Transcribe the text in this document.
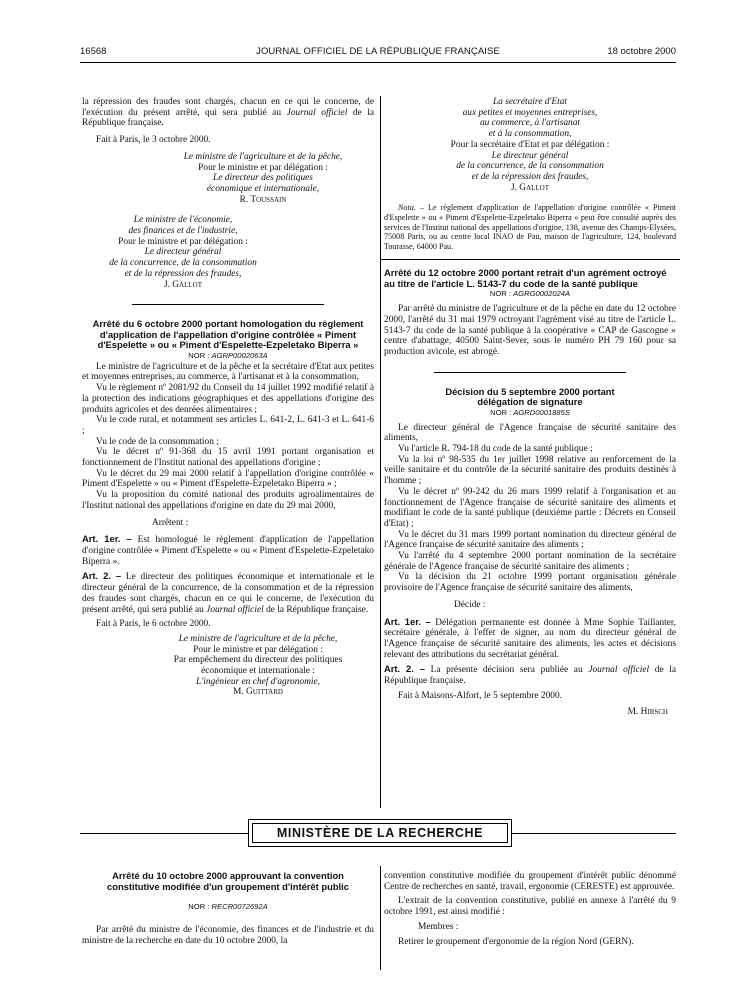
16568	JOURNAL OFFICIEL DE LA RÉPUBLIQUE FRANÇAISE	18 octobre 2000

la répression des fraudes sont chargés, chacun en ce qui le concerne, de l'exécution du présent arrêté, qui sera publié au Journal officiel de la République française.

Fait à Paris, le 3 octobre 2000.

Le ministre de l'agriculture et de la pêche,

Pour le ministre et par délégation :

Le directeur des politiques

économique et internationale,

R. Toussain

Le ministre de l'économie,

des finances et de l'industrie,

Pour le ministre et par délégation :

Le directeur général

de la concurrence, de la consommation

et de la répression des fraudes,

J. Gallot

Arrêté du 6 octobre 2000 portant homologation du règlement d'application de l'appellation d'origine contrôlée « Piment d'Espelette » ou « Piment d'Espelette-Ezpeletako Biperra »

NOR : AGRP0002063A

Le ministre de l'agriculture et de la pêche et la secrétaire d'Etat aux petites et moyennes entreprises, au commerce, à l'artisanat et à la consommation,

Vu le règlement nº 2081/92 du Conseil du 14 juillet 1992 modifié relatif à la protection des indications géographiques et des appellations d'origine des produits agricoles et des denrées alimentaires ;

Vu le code rural, et notamment ses articles L. 641-2, L. 641-3 et L. 641-6 ;

Vu le code de la consommation ;

Vu le décret nº 91-368 du 15 avril 1991 portant organisation et fonctionnement de l'Institut national des appellations d'origine ;

Vu le décret du 29 mai 2000 relatif à l'appellation d'origine contrôlée « Piment d'Espelette » ou « Piment d'Espelette-Ezpeletako Biperra » ;

Vu la proposition du comité national des produits agroalimentaires de l'Institut national des appellations d'origine en date du 29 mai 2000,

Arrêtent :

Art. 1er. – Est homologué le règlement d'application de l'appellation d'origine contrôlée « Piment d'Espelette » ou « Piment d'Espelette-Ezpeletako Biperra ».

Art. 2. – Le directeur des politiques économique et internationale et le directeur général de la concurrence, de la consommation et de la répression des fraudes sont chargés, chacun en ce qui le concerne, de l'exécution du présent arrêté, qui sera publié au Journal officiel de la République française.

Fait à Paris, le 6 octobre 2000.

Le ministre de l'agriculture et de la pêche,

Pour le ministre et par délégation :

Par empêchement du directeur des politiques

économique et internationale :

L'ingénieur en chef d'agronomie,

M. Guittard

La secrétaire d'Etat

aux petites et moyennes entreprises,

au commerce, à l'artisanat

et à la consommation,

Pour la secrétaire d'Etat et par délégation :

Le directeur général

de la concurrence, de la consommation

et de la répression des fraudes,

J. Gallot

Nota. – Le règlement d'application de l'appellation d'origine contrôlée « Piment d'Espelette » ou « Piment d'Espelette-Ezpeletako Biperra » peut être consulté auprès des services de l'Institut national des appellations d'origine, 138, avenue des Champs-Elysées, 75008 Paris, ou au centre local INAO de Pau, maison de l'agriculture, 124, boulevard Tourasse, 64000 Pau.

Arrêté du 12 octobre 2000 portant retrait d'un agrément octroyé au titre de l'article L. 5143-7 du code de la santé publique

NOR : AGRG0002024A

Par arrêté du ministre de l'agriculture et de la pêche en date du 12 octobre 2000, l'arrêté du 31 mai 1979 octroyant l'agrément visé au titre de l'article L. 5143-7 du code de la santé publique à la coopérative « CAP de Gascogne » centre d'abattage, 40500 Saint-Sever, sous le numéro PH 79 160 pour sa production avicole, est abrogé.

Décision du 5 septembre 2000 portant délégation de signature

NOR : AGRD0001885S

Le directeur général de l'Agence française de sécurité sanitaire des aliments,

Vu l'article R. 794-18 du code de la santé publique ;

Vu la loi nº 98-535 du 1er juillet 1998 relative au renforcement de la veille sanitaire et du contrôle de la sécurité sanitaire des produits destinés à l'homme ;

Vu le décret nº 99-242 du 26 mars 1999 relatif à l'organisation et au fonctionnement de l'Agence française de sécurité sanitaire des aliments et modifiant le code de la santé publique (deuxième partie : Décrets en Conseil d'Etat) ;

Vu le décret du 31 mars 1999 portant nomination du directeur général de l'Agence française de sécurité sanitaire des aliments ;

Vu l'arrêté du 4 septembre 2000 portant nomination de la secrétaire générale de l'Agence française de sécurité sanitaire des aliments ;

Vu la décision du 21 octobre 1999 portant organisation générale provisoire de l'Agence française de sécurité sanitaire des aliments,

Décide :

Art. 1er. – Délégation permanente est donnée à Mme Sophie Taillanter, secrétaire générale, à l'effet de signer, au nom du directeur général de l'Agence française de sécurité sanitaire des aliments, les actes et décisions relevant des attributions du secrétariat général.

Art. 2. – La présente décision sera publiée au Journal officiel de la République française.

Fait à Maisons-Alfort, le 5 septembre 2000.

M. Hirsch

MINISTÈRE DE LA RECHERCHE

Arrêté du 10 octobre 2000 approuvant la convention constitutive modifiée d'un groupement d'intérêt public

NOR : RECR0072692A

Par arrêté du ministre de l'économie, des finances et de l'industrie et du ministre de la recherche en date du 10 octobre 2000, la

convention constitutive modifiée du groupement d'intérêt public dénommé Centre de recherches en santé, travail, ergonomie (CERESTE) est approuvée.

L'extrait de la convention constitutive, publié en annexe à l'arrêté du 9 octobre 1991, est ainsi modifié :

Membres :

Retirer le groupement d'ergonomie de la région Nord (GERN).
